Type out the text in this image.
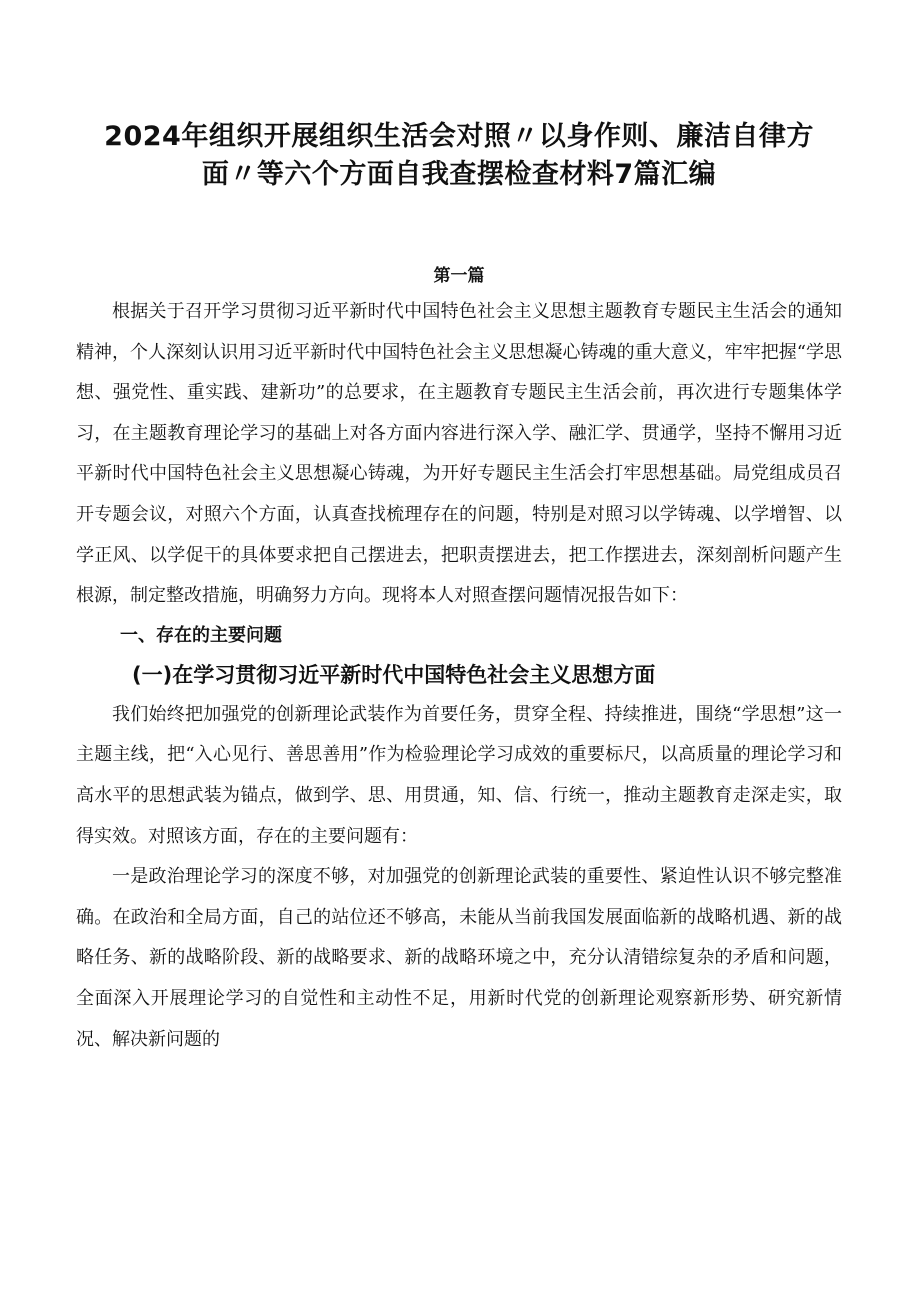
2024年组织开展组织生活会对照〃以身作则、廉洁自律方面〃等六个方面自我查摆检查材料7篇汇编
第一篇

根据关于召开学习贯彻习近平新时代中国特色社会主义思想主题教育专题民主生活会的通知精神，个人深刻认识用习近平新时代中国特色社会主义思想凝心铸魂的重大意义，牢牢把握“学思想、强党性、重实践、建新功”的总要求，在主题教育专题民主生活会前，再次进行专题集体学习，在主题教育理论学习的基础上对各方面内容进行深入学、融汇学、贯通学，坚持不懈用习近平新时代中国特色社会主义思想凝心铸魂，为开好专题民主生活会打牢思想基础。局党组成员召开专题会议，对照六个方面，认真查找梳理存在的问题，特别是对照习以学铸魂、以学增智、以学正风、以学促干的具体要求把自己摆进去，把职责摆进去，把工作摆进去，深刻剖析问题产生根源，制定整改措施，明确努力方向。现将本人对照查摆问题情况报告如下：

一、存在的主要问题
(一)在学习贯彻习近平新时代中国特色社会主义思想方面

我们始终把加强党的创新理论武装作为首要任务，贯穿全程、持续推进，围绕“学思想”这一主题主线，把“入心见行、善思善用”作为检验理论学习成效的重要标尺，以高质量的理论学习和高水平的思想武装为锚点，做到学、思、用贯通，知、信、行统一，推动主题教育走深走实，取得实效。对照该方面，存在的主要问题有：

一是政治理论学习的深度不够，对加强党的创新理论武装的重要性、紧迫性认识不够完整准确。在政治和全局方面，自己的站位还不够高，未能从当前我国发展面临新的战略机遇、新的战略任务、新的战略阶段、新的战略要求、新的战略环境之中，充分认清错综复杂的矛盾和问题，全面深入开展理论学习的自觉性和主动性不足，用新时代党的创新理论观察新形势、研究新情况、解决新问题的
